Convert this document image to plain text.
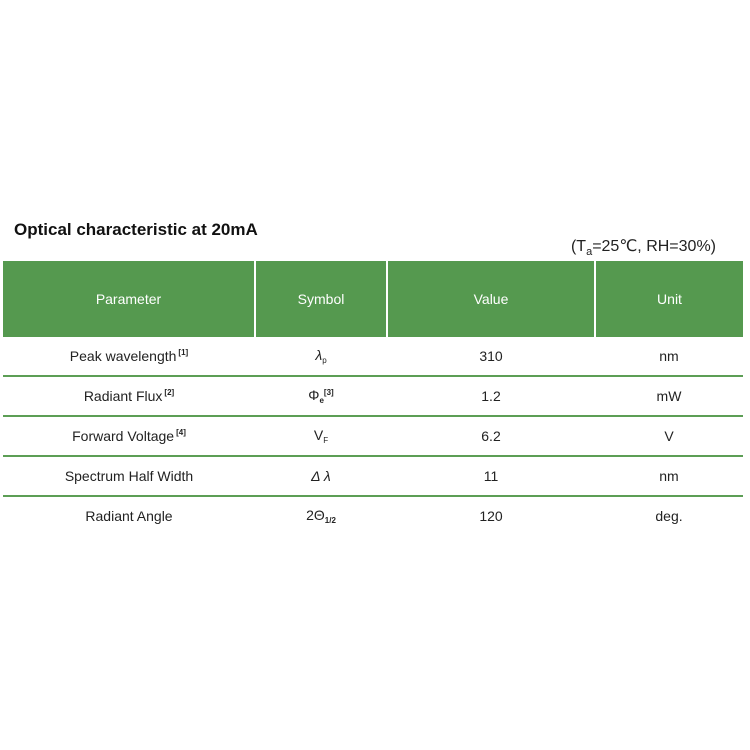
Optical characteristic at 20mA
($T_a=25℃$, RH=30%)
Parameter	Symbol	Value	Unit
Peak wavelength [1]	$\lambda_p$	310	nm
Radiant Flux [2]	$\Phi_e[3]$	1.2	mW
Forward Voltage [4]	$V_F$	6.2	V
Spectrum Half Width	Δ λ	11	nm
Radiant Angle	$2\Theta_{1/2}$	120	deg.
